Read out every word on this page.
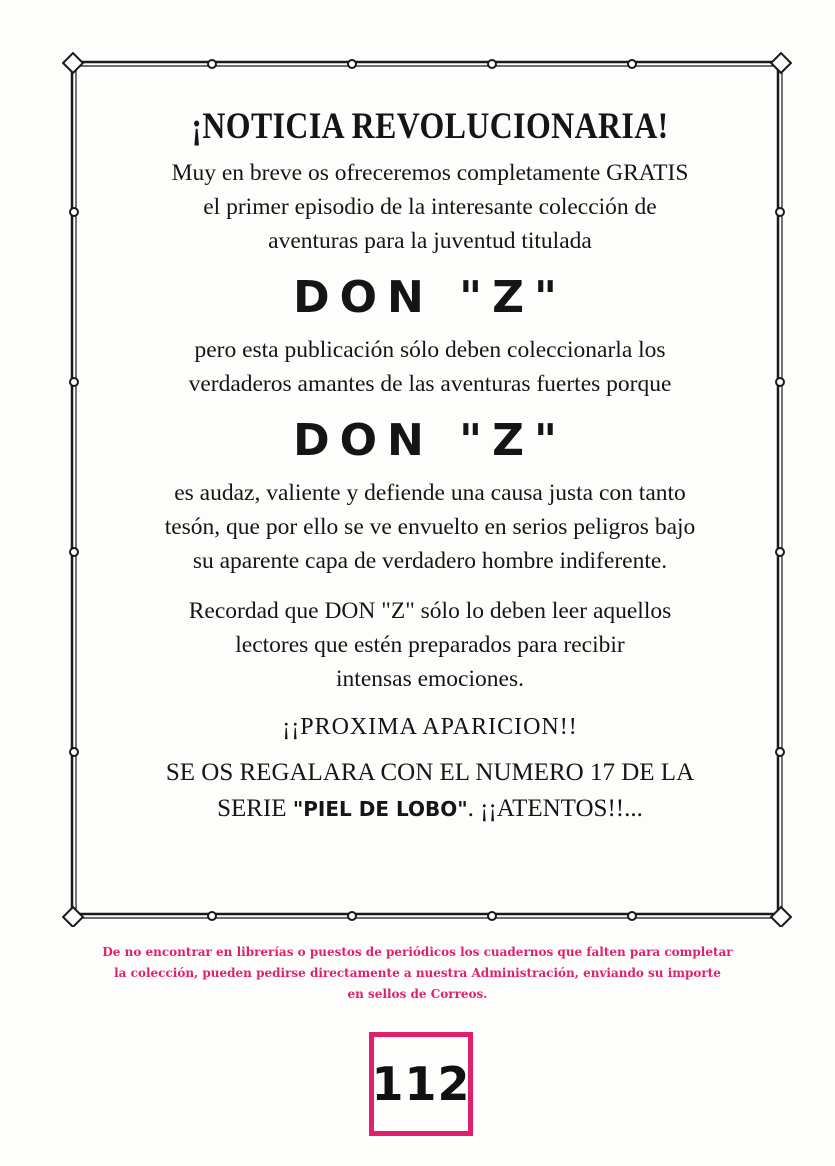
¡NOTICIA REVOLUCIONARIA!

Muy en breve os ofreceremos completamente GRATIS
el primer episodio de la interesante colección de
aventuras para la juventud titulada

DON "Z"

pero esta publicación sólo deben coleccionarla los
verdaderos amantes de las aventuras fuertes porque

DON "Z"

es audaz, valiente y defiende una causa justa con tanto
tesón, que por ello se ve envuelto en serios peligros bajo
su aparente capa de verdadero hombre indiferente.

Recordad que DON "Z" sólo lo deben leer aquellos
lectores que estén preparados para recibir
intensas emociones.

¡¡PROXIMA APARICION!!

SE OS REGALARA CON EL NUMERO 17 DE LA
SERIE "PIEL DE LOBO". ¡¡ATENTOS!!...

De no encontrar en librerías o puestos de periódicos los cuadernos que falten para completar
la colección, pueden pedirse directamente a nuestra Administración, enviando su importe
en sellos de Correos.
112
